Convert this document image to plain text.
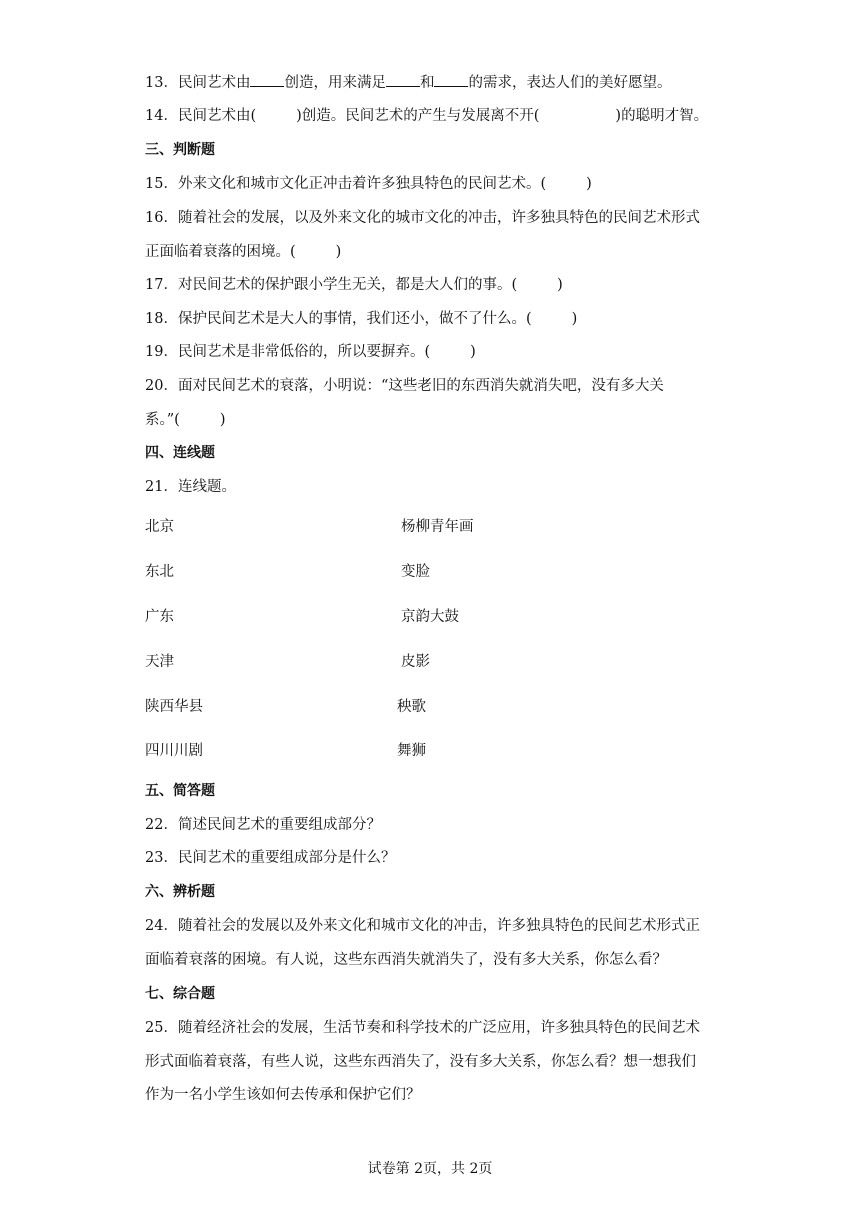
13．民间艺术由 创造，用来满足 和 的需求，表达人们的美好愿望。
14．民间艺术由(	)创造。民间艺术的产生与发展离不开(	)的聪明才智。
三、判断题
15．外来文化和城市文化正冲击着许多独具特色的民间艺术。(	)
16．随着社会的发展，以及外来文化的城市文化的冲击，许多独具特色的民间艺术形式
正面临着衰落的困境。(	)
17．对民间艺术的保护跟小学生无关，都是大人们的事。(	)
18．保护民间艺术是大人的事情，我们还小，做不了什么。(	)
19．民间艺术是非常低俗的，所以要摒弃。(	)
20．面对民间艺术的衰落，小明说：“这些老旧的东西消失就消失吧，没有多大关
系。”(	)
四、连线题
21．连线题。
北京	杨柳青年画
东北	变脸
广东	京韵大鼓
天津	皮影
陕西华县	秧歌
四川川剧	舞狮
五、简答题
22．简述民间艺术的重要组成部分？
23．民间艺术的重要组成部分是什么？
六、辨析题
24．随着社会的发展以及外来文化和城市文化的冲击，许多独具特色的民间艺术形式正
面临着衰落的困境。有人说，这些东西消失就消失了，没有多大关系，你怎么看？
七、综合题
25．随着经济社会的发展，生活节奏和科学技术的广泛应用，许多独具特色的民间艺术
形式面临着衰落，有些人说，这些东西消失了，没有多大关系，你怎么看？想一想我们
作为一名小学生该如何去传承和保护它们？
试卷第 2页，共 2页
